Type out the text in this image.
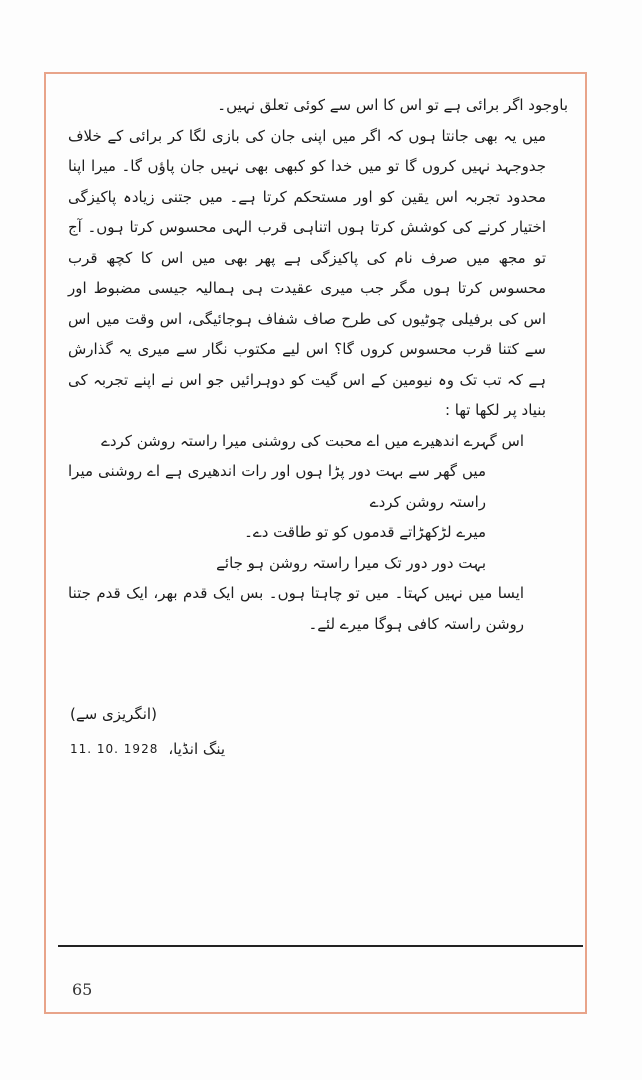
باوجود اگر برائی ہے تو اس کا اس سے کوئی تعلق نہیں۔

میں یہ بھی جانتا ہوں کہ اگر میں اپنی جان کی بازی لگا کر برائی کے خلاف جدوجہد نہیں کروں گا تو میں خدا کو کبھی بھی نہیں جان پاؤں گا۔ میرا اپنا محدود تجربہ اس یقین کو اور مستحکم کرتا ہے۔ میں جتنی زیادہ پاکیزگی اختیار کرنے کی کوشش کرتا ہوں اتناہی قرب الہی محسوس کرتا ہوں۔ آج تو مجھ میں صرف نام کی پاکیزگی ہے پھر بھی میں اس کا کچھ قرب محسوس کرتا ہوں مگر جب میری عقیدت ہی ہمالیہ جیسی مضبوط اور اس کی برفیلی چوٹیوں کی طرح صاف شفاف ہوجائیگی، اس وقت میں اس سے کتنا قرب محسوس کروں گا؟ اس لیے مکتوب نگار سے میری یہ گذارش ہے کہ تب تک وہ نیومین کے اس گیت کو دوہرائیں جو اس نے اپنے تجربہ کی بنیاد پر لکھا تھا :

اس گہرے اندھیرے میں اے محبت کی روشنی میرا راستہ روشن کردے

میں گھر سے بہت دور پڑا ہوں اور رات اندھیری ہے اے روشنی میرا راستہ روشن کردے

میرے لڑکھڑاتے قدموں کو تو طاقت دے۔

بہت دور دور تک میرا راستہ روشن ہو جائے

ایسا میں نہیں کہتا۔ میں تو چاہتا ہوں۔ بس ایک قدم بھر، ایک قدم جتنا روشن راستہ کافی ہوگا میرے لئے۔

(انگریزی سے)
11. 10. 1928 ینگ انڈیا،
65
